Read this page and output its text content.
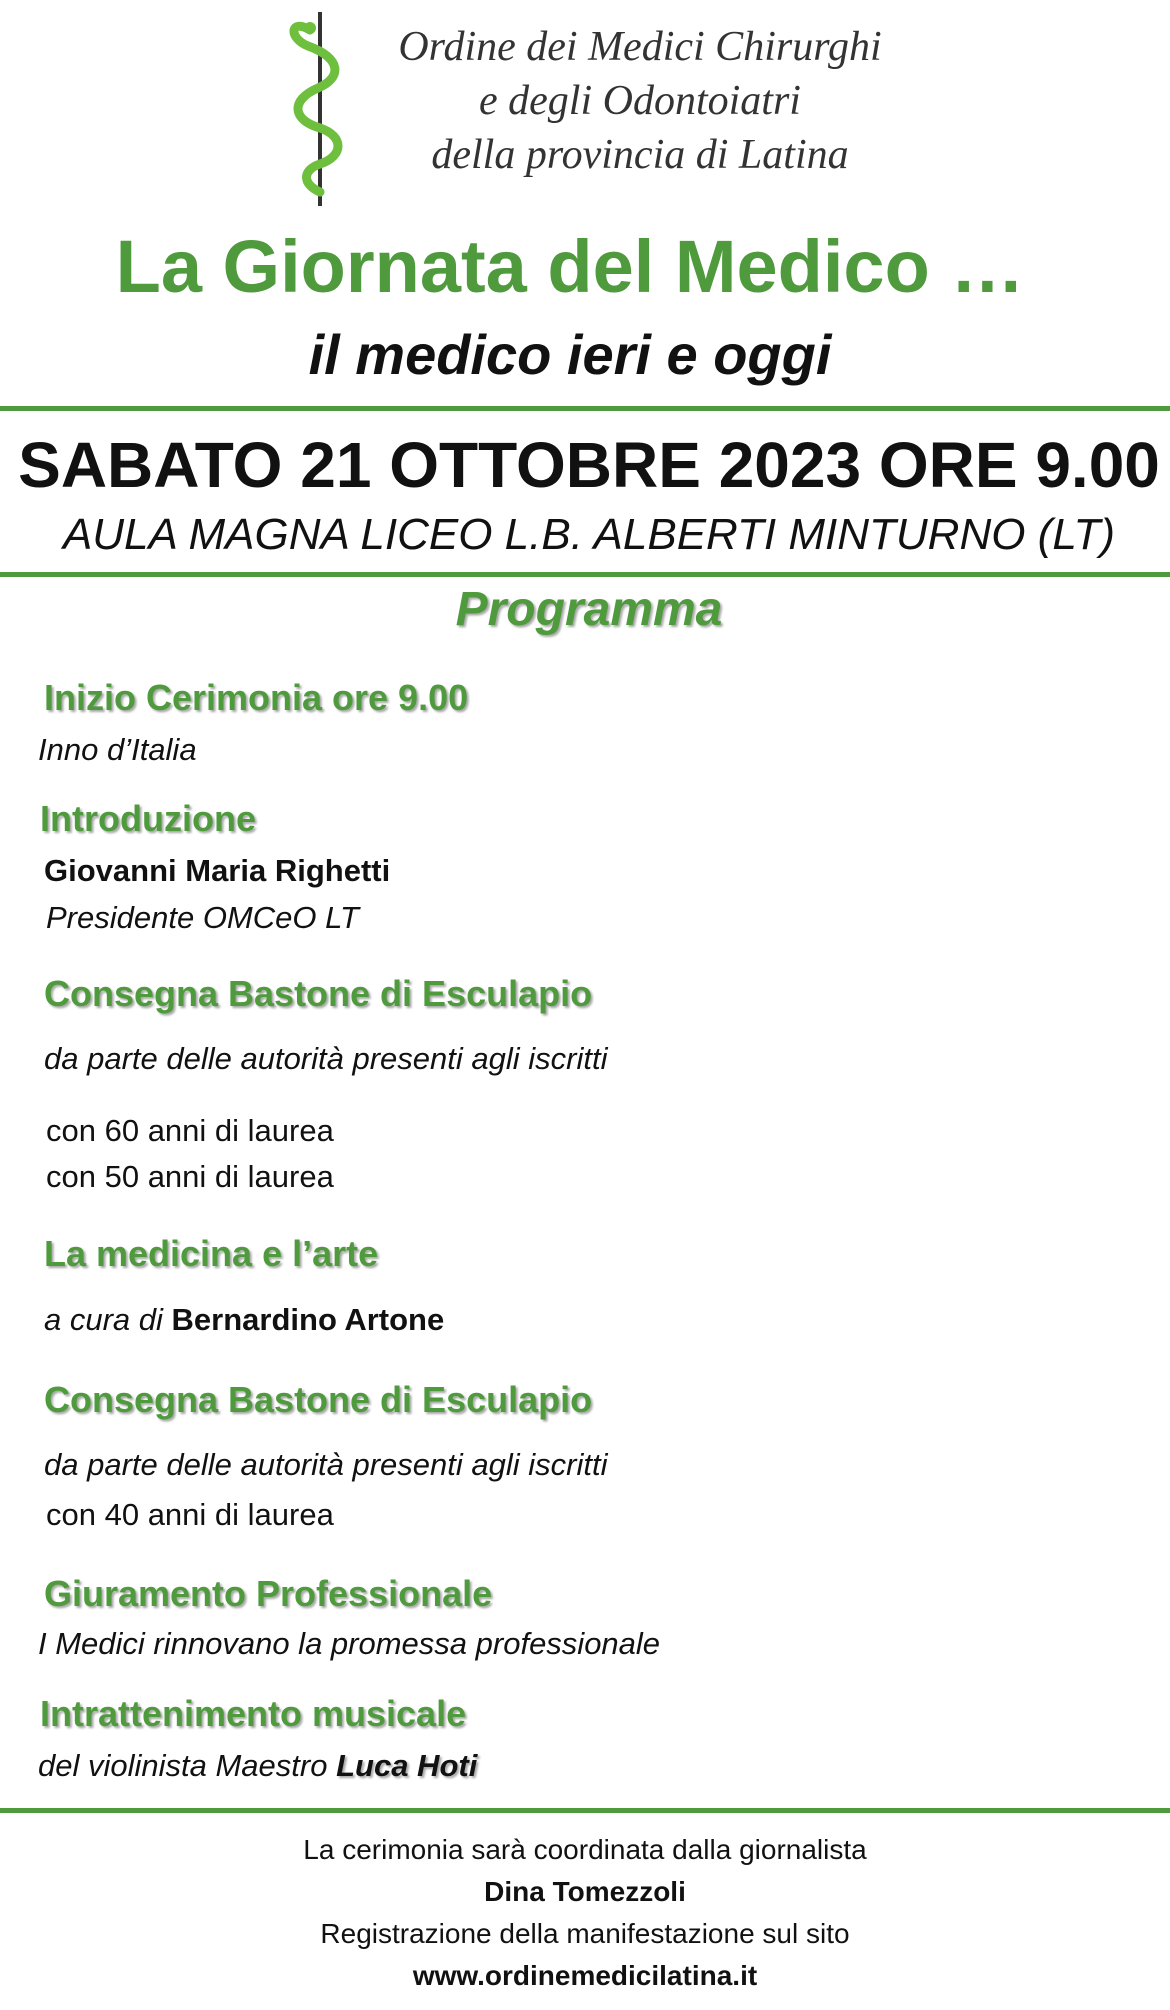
Ordine dei Medici Chirurghi
e degli Odontoiatri
della provincia di Latina
La Giornata del Medico …
il medico ieri e oggi
SABATO 21 OTTOBRE 2023 ORE 9.00
AULA MAGNA LICEO L.B. ALBERTI MINTURNO (LT)
Programma
Inizio Cerimonia ore 9.00
Inno d’Italia
Introduzione
Giovanni Maria Righetti
Presidente OMCeO LT
Consegna Bastone di Esculapio
da parte delle autorità presenti agli iscritti
con 60 anni di laurea
con 50 anni di laurea
La medicina e l’arte
a cura di Bernardino Artone
Consegna Bastone di Esculapio
da parte delle autorità presenti agli iscritti
con 40 anni di laurea
Giuramento Professionale
I Medici rinnovano la promessa professionale
Intrattenimento musicale
del violinista Maestro Luca Hoti
La cerimonia sarà coordinata dalla giornalista
Dina Tomezzoli
Registrazione della manifestazione sul sito
www.ordinemedicilatina.it
